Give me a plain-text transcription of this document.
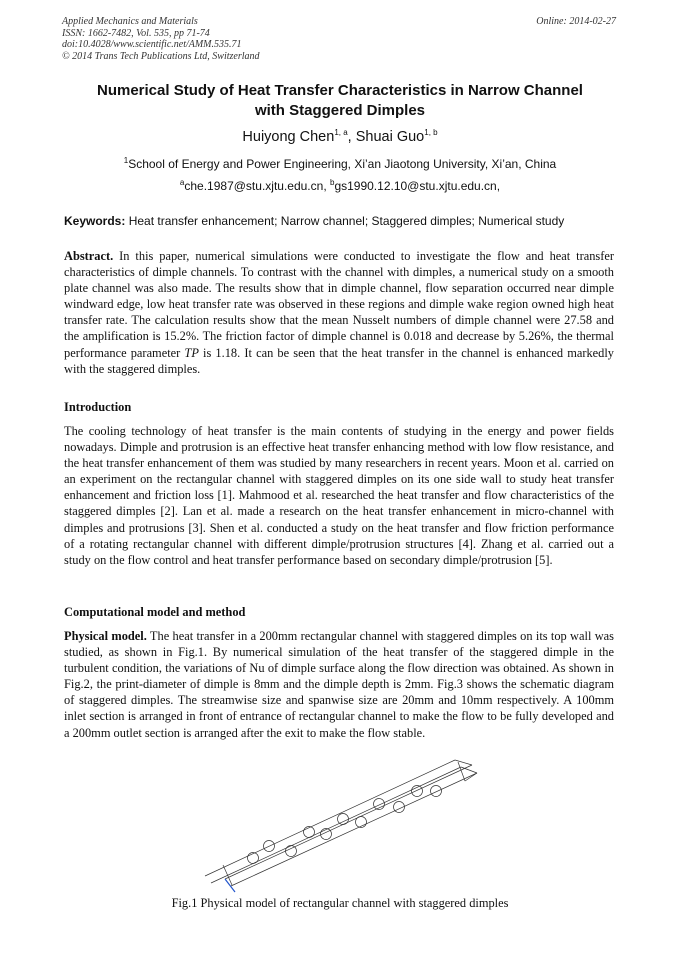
Applied Mechanics and Materials
ISSN: 1662-7482, Vol. 535, pp 71-74
doi:10.4028/www.scientific.net/AMM.535.71
© 2014 Trans Tech Publications Ltd, Switzerland
Online: 2014-02-27
Numerical Study of Heat Transfer Characteristics in Narrow Channel
with Staggered Dimples
Huiyong Chen$^{1, a}$, Shuai Guo$^{1, b}$
$^1$School of Energy and Power Engineering, Xi’an Jiaotong University, Xi’an, China
$^a$che.1987@stu.xjtu.edu.cn, $^b$gs1990.12.10@stu.xjtu.edu.cn,
Keywords: Heat transfer enhancement; Narrow channel; Staggered dimples; Numerical study
Abstract. In this paper, numerical simulations were conducted to investigate the flow and heat transfer characteristics of dimple channels. To contrast with the channel with dimples, a numerical study on a smooth plate channel was also made. The results show that in dimple channel, flow separation occurred near dimple windward edge, low heat transfer rate was observed in these regions and dimple wake region owned high heat transfer rate. The calculation results show that the mean Nusselt numbers of dimple channel were 27.58 and the amplification is 15.2%. The friction factor of dimple channel is 0.018 and decrease by 5.26%, the thermal performance parameter TP is 1.18. It can be seen that the heat transfer in the channel is enhanced markedly with the staggered dimples.
Introduction
The cooling technology of heat transfer is the main contents of studying in the energy and power fields nowadays. Dimple and protrusion is an effective heat transfer enhancing method with low flow resistance, and the heat transfer enhancement of them was studied by many researchers in recent years. Moon et al. carried on an experiment on the rectangular channel with staggered dimples on its one side wall to study heat transfer enhancement and friction loss [1]. Mahmood et al. researched the heat transfer and flow characteristics of the staggered dimples [2]. Lan et al. made a research on the heat transfer enhancement in micro-channel with dimples and protrusions [3]. Shen et al. conducted a study on the heat transfer and flow friction performance of a rotating rectangular channel with different dimple/protrusion structures [4]. Zhang et al. carried out a study on the flow control and heat transfer performance based on secondary dimple/protrusion [5].
Computational model and method
Physical model. The heat transfer in a 200mm rectangular channel with staggered dimples on its top wall was studied, as shown in Fig.1. By numerical simulation of the heat transfer of the staggered dimple in the turbulent condition, the variations of Nu of dimple surface along the flow direction was obtained. As shown in Fig.2, the print-diameter of dimple is 8mm and the dimple depth is 2mm. Fig.3 shows the schematic diagram of staggered dimples. The streamwise size and spanwise size are 20mm and 10mm respectively. A 100mm inlet section is arranged in front of entrance of rectangular channel to make the flow to be fully developed and a 200mm outlet section is arranged after the exit to make the flow stable.
Fig.1 Physical model of rectangular channel with staggered dimples
